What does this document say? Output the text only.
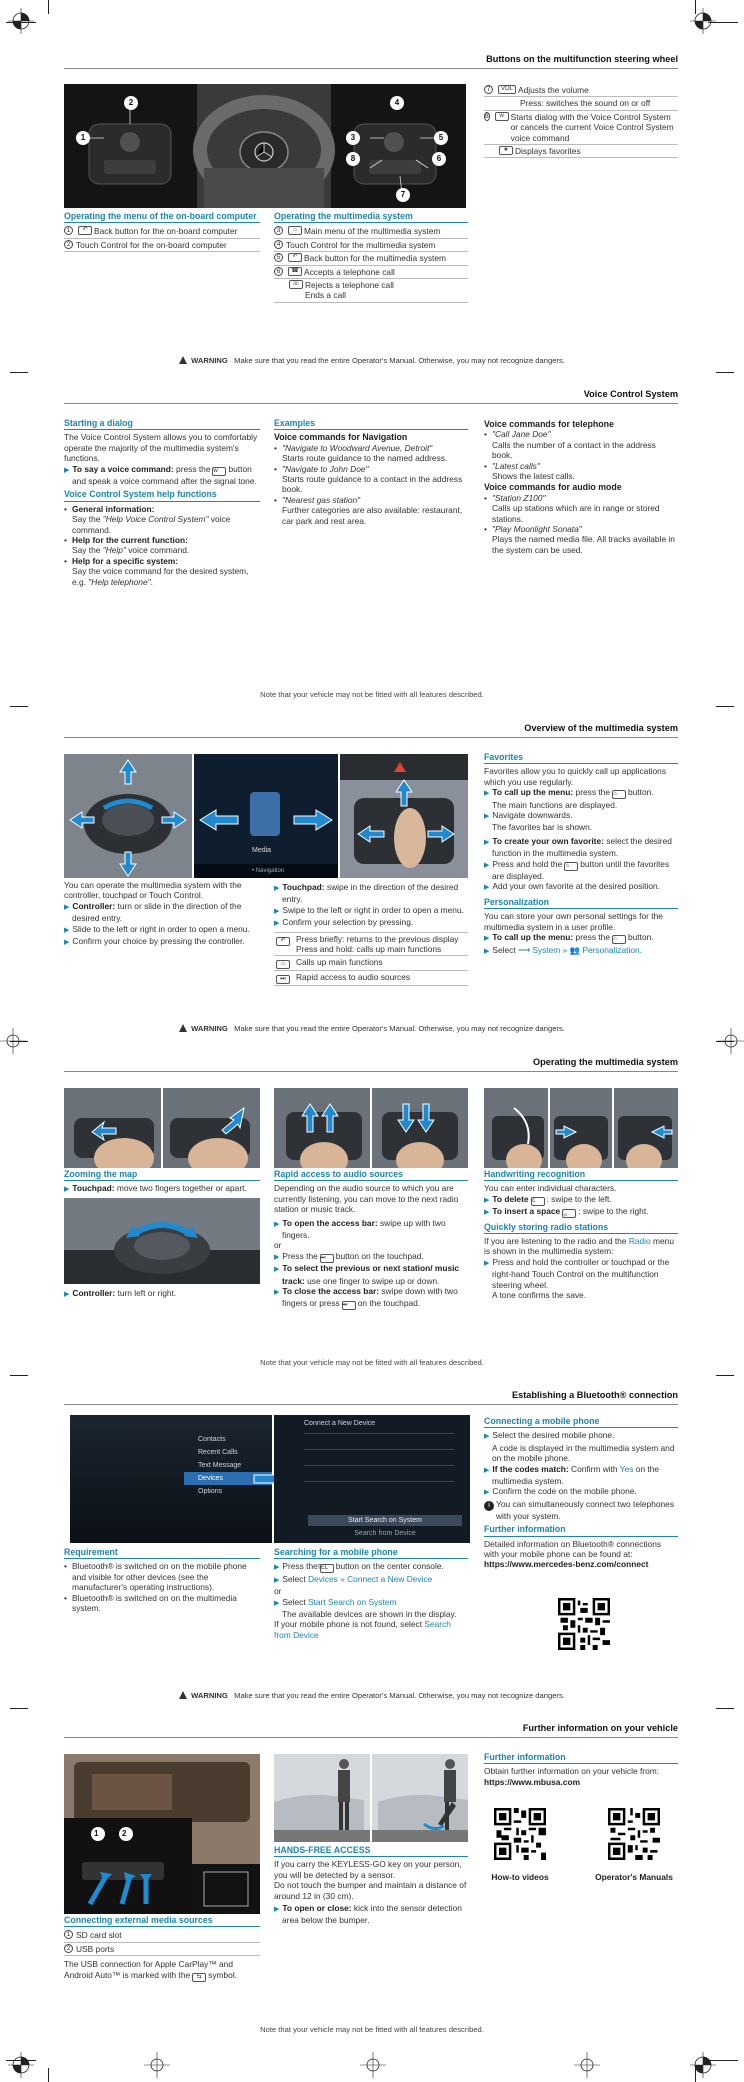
Buttons on the multifunction steering wheel
1
2
3
4
5
6
7
8
Operating the menu of the on-board computer
1	↶ Back button for the on-board computer
2 Touch Control for the on-board computer
Operating the multimedia system
3	⌂ Main menu of the multimedia system
4 Touch Control for the multimedia system
5	↶ Back button for the multimedia system
6	☎ Accepts a telephone call
☏ Rejects a telephone call
Ends a call
7	VOL Adjusts the volume
Press: switches the sound on or off
8	w Starts dialog with the Voice Control System or cancels the current Voice Control System voice command
★ Displays favorites
WARNING Make sure that you read the entire Operator's Manual. Otherwise, you may not recognize dangers.
Voice Control System
Starting a dialog
The Voice Control System allows you to comfortably operate the majority of the multimedia system's functions.
▶ To say a voice command: press the w button and speak a voice command after the signal tone.
Voice Control System help functions
• General information:
Say the "Help Voice Control System" voice command.
• Help for the current function:
Say the "Help" voice command.
• Help for a specific system:
Say the voice command for the desired system, e.g. "Help telephone".
Examples
Voice commands for Navigation
• "Navigate to Woodward Avenue, Detroit"
Starts route guidance to the named address.
• "Navigate to John Doe"
Starts route guidance to a contact in the address book.
• "Nearest gas station"
Further categories are also available: restaurant, car park and rest area.
Voice commands for telephone
• "Call Jane Doe"
Calls the number of a contact in the address book.
• "Latest calls"
Shows the latest calls.
Voice commands for audio mode
• "Station Z100"
Calls up stations which are in range or stored stations.
• "Play Moonlight Sonata"
Plays the named media file. All tracks available in the system can be used.
Note that your vehicle may not be fitted with all features described.
Overview of the multimedia system
Media
• Navigation
You can operate the multimedia system with the controller, touchpad or Touch Control.
▶ Controller: turn or slide in the direction of the desired entry.
▶ Slide to the left or right in order to open a menu.
▶ Confirm your choice by pressing the controller.
▶ Touchpad: swipe in the direction of the desired entry.
▶ Swipe to the left or right in order to open a menu.
▶ Confirm your selection by pressing.
↶	Press briefly: returns to the previous display
Press and hold: calls up main functions
⌂	Calls up main functions
⏭	Rapid access to audio sources
Favorites
Favorites allow you to quickly call up applications which you use regularly.
▶ To call up the menu: press the ⌂ button.
The main functions are displayed.
▶ Navigate downwards.
The favorites bar is shown.
▶ To create your own favorite: select the desired function in the multimedia system.
▶ Press and hold the ⌂ button until the favorites are displayed.
▶ Add your own favorite at the desired position.
Personalization
You can store your own personal settings for the multimedia system in a user profile.
▶ To call up the menu: press the ⌂ button.
▶ Select ⟶ System » 👥 Personalization.
WARNING Make sure that you read the entire Operator's Manual. Otherwise, you may not recognize dangers.
Operating the multimedia system
Zooming the map
▶ Touchpad: move two fingers together or apart.
▶ Controller: turn left or right.
Rapid access to audio sources
Depending on the audio source to which you are currently listening, you can move to the next radio station or music track.
▶ To open the access bar: swipe up with two fingers.
or
▶ Press the ⏭ button on the touchpad.
▶ To select the previous or next station/ music track: use one finger to swipe up or down.
▶ To close the access bar: swipe down with two fingers or press ⏭ on the touchpad.
Handwriting recognition
You can enter individual characters.
▶ To delete c : swipe to the left.
▶ To insert a space ␣ : swipe to the right.
Quickly storing radio stations
If you are listening to the radio and the Radio menu is shown in the multimedia system:
▶ Press and hold the controller or touchpad or the right-hand Touch Control on the multifunction steering wheel.
A tone confirms the save.
Note that your vehicle may not be fitted with all features described.
Establishing a Bluetooth® connection
Contacts
Recent Calls
Text Message
Devices
Options
Connect a New Device
Start Search on System
Search from Device
Requirement
• Bluetooth® is switched on on the mobile phone and visible for other devices (see the manufacturer's operating instructions).
• Bluetooth® is switched on on the multimedia system.
Searching for a mobile phone
▶ Press theTEL button on the center console.
▶ Select Devices » Connect a New Device
or
▶ Select Start Search on System
The available devices are shown in the display.
If your mobile phone is not found, select Search from Device
Connecting a mobile phone
▶ Select the desired mobile phone.
A code is displayed in the multimedia system and on the mobile phone.
▶ If the codes match: Confirm with Yes on the multimedia system.
▶ Confirm the code on the mobile phone.
i You can simultaneously connect two telephones with your system.
Further information
Detailed information on Bluetooth® connections with your mobile phone can be found at:
https://www.mercedes-benz.com/connect
WARNING Make sure that you read the entire Operator's Manual. Otherwise, you may not recognize dangers.
Further information on your vehicle
1	2
Connecting external media sources
1 SD card slot
2 USB ports
The USB connection for Apple CarPlay™ and Android Auto™ is marked with the ⇆ symbol.
HANDS-FREE ACCESS
If you carry the KEYLESS-GO key on your person, you will be detected by a sensor.
Do not touch the bumper and maintain a distance of around 12 in (30 cm).
▶ To open or close: kick into the sensor detection area below the bumper.
Further information
Obtain further information on your vehicle from:
https://www.mbusa.com
How-to videos	Operator's Manuals
Note that your vehicle may not be fitted with all features described.
